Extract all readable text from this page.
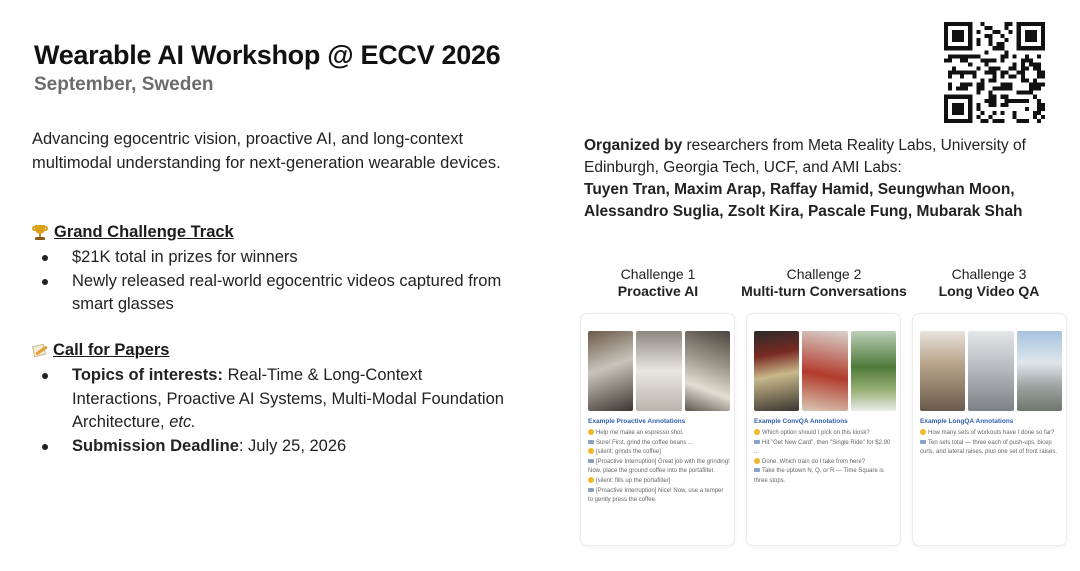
Wearable AI Workshop @ ECCV 2026
September, Sweden

Advancing egocentric vision, proactive AI, and long-context multimodal understanding for next-generation wearable devices.

Grand Challenge Track
$21K total in prizes for winners
Newly released real-world egocentric videos captured from smart glasses
Call for Papers
Topics of interests: Real-Time & Long-Context Interactions, Proactive AI Systems, Multi-Modal Foundation Architecture, etc.
Submission Deadline: July 25, 2026
Organized by researchers from Meta Reality Labs, University of Edinburgh, Georgia Tech, UCF, and AMI Labs:
Tuyen Tran, Maxim Arap, Raffay Hamid, Seungwhan Moon, Alessandro Suglia, Zsolt Kira, Pascale Fung, Mubarak Shah
Challenge 1
Proactive AI
Challenge 2
Multi-turn Conversations
Challenge 3
Long Video QA
Example Proactive Annotations
Help me make an espresso shot.
Sure! First, grind the coffee beans ...
[silent: grinds the coffee]
[Proactive Interruption] Great job with the grinding! Now, place the ground coffee into the portafilter.
[silent: fills up the portafilter]
[Proactive Interruption] Nice! Now, use a temper to gently press the coffee.
Example ConvQA Annotations
Which option should I pick on this kiosk?
Hit "Get New Card", then "Single Ride" for $2.90 ...
Done. Which train do I take from here?
Take the uptown N, Q, or R — Time Square is three stops.
Example LongQA Annotations
How many sets of workouts have I done so far?
Ten sets total — three each of push-ups, bicep curls, and lateral raises, plus one set of front raises.
